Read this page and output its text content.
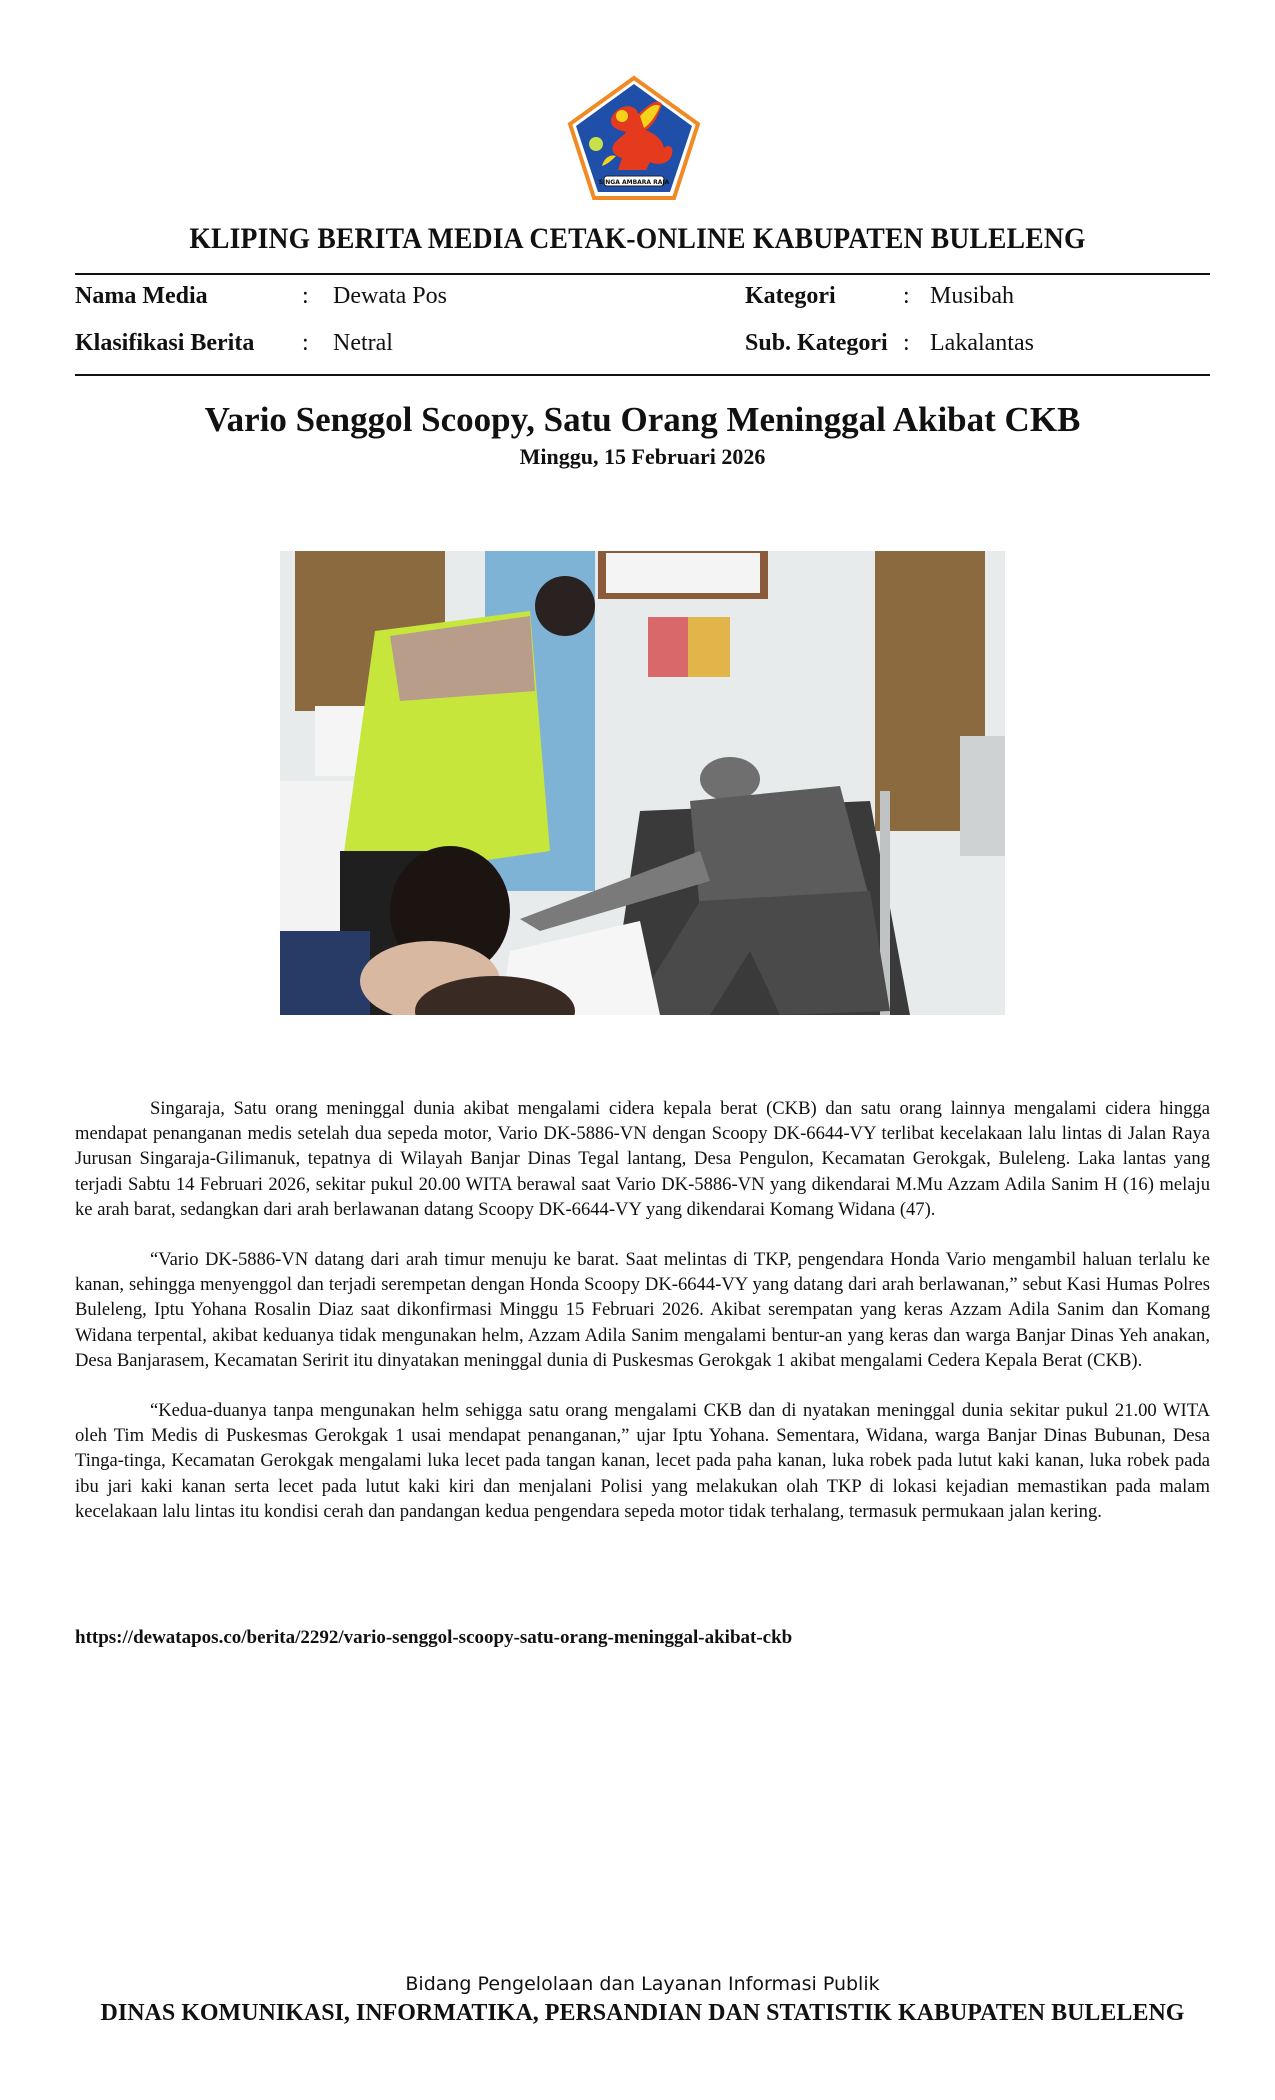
SINGA AMBARA RAJA
KLIPING BERITA MEDIA CETAK-ONLINE KABUPATEN BULELENG
Nama Media	: Dewata Pos
Klasifikasi Berita : Netral
Kategori	: Musibah
Sub. Kategori : Lakalantas
Vario Senggol Scoopy, Satu Orang Meninggal Akibat CKB
Minggu, 15 Februari 2026

Singaraja, Satu orang meninggal dunia akibat mengalami cidera kepala berat (CKB) dan satu orang lainnya mengalami cidera hingga mendapat penanganan medis setelah dua sepeda motor, Vario DK-5886-VN dengan Scoopy DK-6644-VY terlibat kecelakaan lalu lintas di Jalan Raya Jurusan Singaraja-Gilimanuk, tepatnya di Wilayah Banjar Dinas Tegal lantang, Desa Pengulon, Kecamatan Gerokgak, Buleleng. Laka lantas yang terjadi Sabtu 14 Februari 2026, sekitar pukul 20.00 WITA berawal saat Vario DK-5886-VN yang dikendarai M.Mu Azzam Adila Sanim H (16) melaju ke arah barat, sedangkan dari arah berlawanan datang Scoopy DK-6644-VY yang dikendarai Komang Widana (47).

“Vario DK-5886-VN datang dari arah timur menuju ke barat. Saat melintas di TKP, pengendara Honda Vario mengambil haluan terlalu ke kanan, sehingga menyenggol dan terjadi serempetan dengan Honda Scoopy DK-6644-VY yang datang dari arah berlawanan,” sebut Kasi Humas Polres Buleleng, Iptu Yohana Rosalin Diaz saat dikonfirmasi Minggu 15 Februari 2026. Akibat serempatan yang keras Azzam Adila Sanim dan Komang Widana terpental, akibat keduanya tidak mengunakan helm, Azzam Adila Sanim mengalami bentur-an yang keras dan warga Banjar Dinas Yeh anakan, Desa Banjarasem, Kecamatan Seririt itu dinyatakan meninggal dunia di Puskesmas Gerokgak 1 akibat mengalami Cedera Kepala Berat (CKB).

“Kedua-duanya tanpa mengunakan helm sehigga satu orang mengalami CKB dan di nyatakan meninggal dunia sekitar pukul 21.00 WITA oleh Tim Medis di Puskesmas Gerokgak 1 usai mendapat penanganan,” ujar Iptu Yohana. Sementara, Widana, warga Banjar Dinas Bubunan, Desa Tinga-tinga, Kecamatan Gerokgak mengalami luka lecet pada tangan kanan, lecet pada paha kanan, luka robek pada lutut kaki kanan, luka robek pada ibu jari kaki kanan serta lecet pada lutut kaki kiri dan menjalani Polisi yang melakukan olah TKP di lokasi kejadian memastikan pada malam kecelakaan lalu lintas itu kondisi cerah dan pandangan kedua pengendara sepeda motor tidak terhalang, termasuk permukaan jalan kering.

https://dewatapos.co/berita/2292/vario-senggol-scoopy-satu-orang-meninggal-akibat-ckb
Bidang Pengelolaan dan Layanan Informasi Publik
DINAS KOMUNIKASI, INFORMATIKA, PERSANDIAN DAN STATISTIK KABUPATEN BULELENG
